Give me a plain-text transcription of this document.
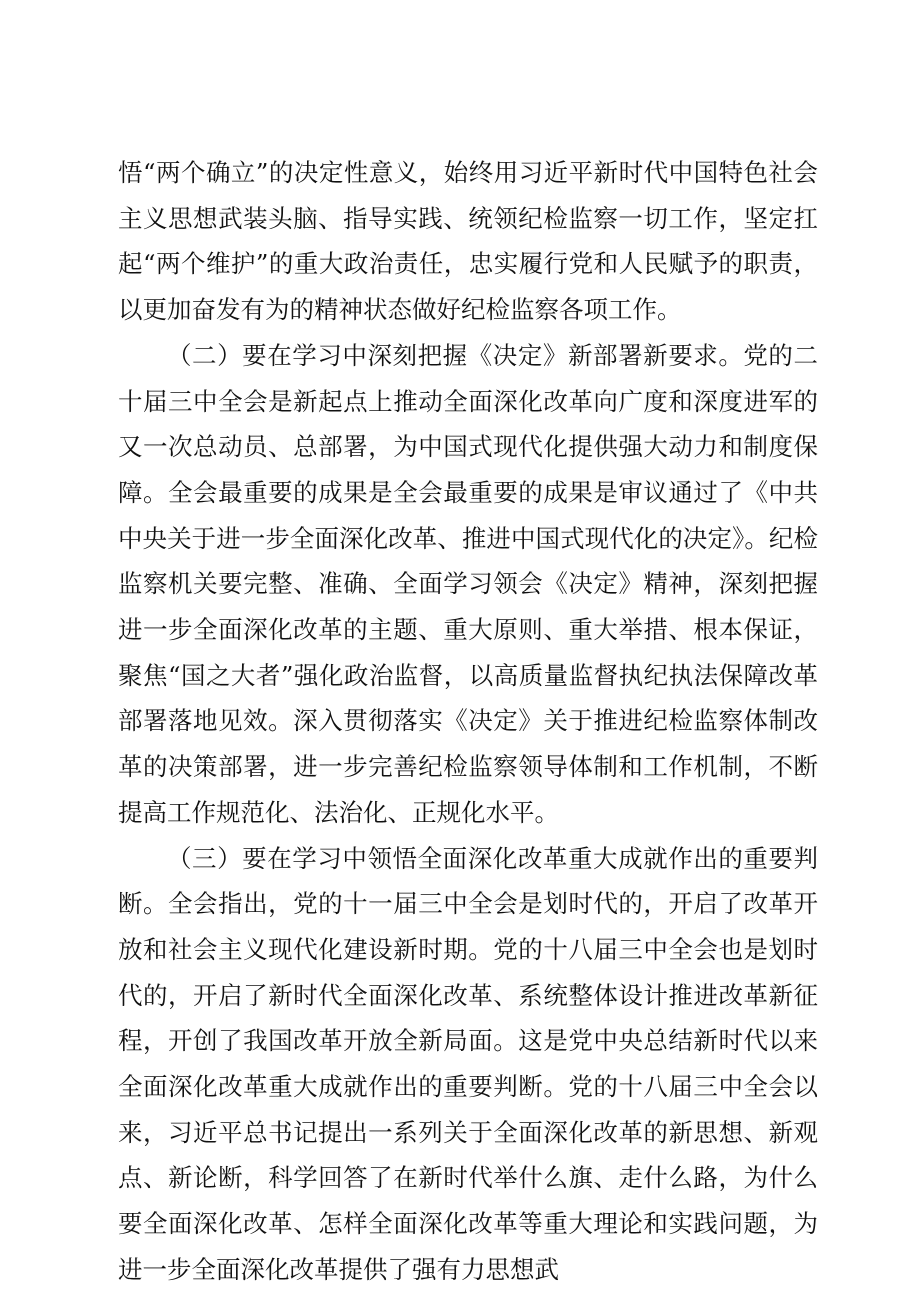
悟“两个确立”的决定性意义，始终用习近平新时代中国特色社会主义思想武装头脑、指导实践、统领纪检监察一切工作，坚定扛起“两个维护”的重大政治责任，忠实履行党和人民赋予的职责，以更加奋发有为的精神状态做好纪检监察各项工作。

（二）要在学习中深刻把握《决定》新部署新要求。党的二十届三中全会是新起点上推动全面深化改革向广度和深度进军的又一次总动员、总部署，为中国式现代化提供强大动力和制度保障。全会最重要的成果是全会最重要的成果是审议通过了《中共中央关于进一步全面深化改革、推进中国式现代化的决定》。纪检监察机关要完整、准确、全面学习领会《决定》精神，深刻把握进一步全面深化改革的主题、重大原则、重大举措、根本保证，聚焦“国之大者”强化政治监督，以高质量监督执纪执法保障改革部署落地见效。深入贯彻落实《决定》关于推进纪检监察体制改革的决策部署，进一步完善纪检监察领导体制和工作机制，不断提高工作规范化、法治化、正规化水平。

（三）要在学习中领悟全面深化改革重大成就作出的重要判断。全会指出，党的十一届三中全会是划时代的，开启了改革开放和社会主义现代化建设新时期。党的十八届三中全会也是划时代的，开启了新时代全面深化改革、系统整体设计推进改革新征程，开创了我国改革开放全新局面。这是党中央总结新时代以来全面深化改革重大成就作出的重要判断。党的十八届三中全会以来，习近平总书记提出一系列关于全面深化改革的新思想、新观点、新论断，科学回答了在新时代举什么旗、走什么路，为什么要全面深化改革、怎样全面深化改革等重大理论和实践问题，为进一步全面深化改革提供了强有力思想武
